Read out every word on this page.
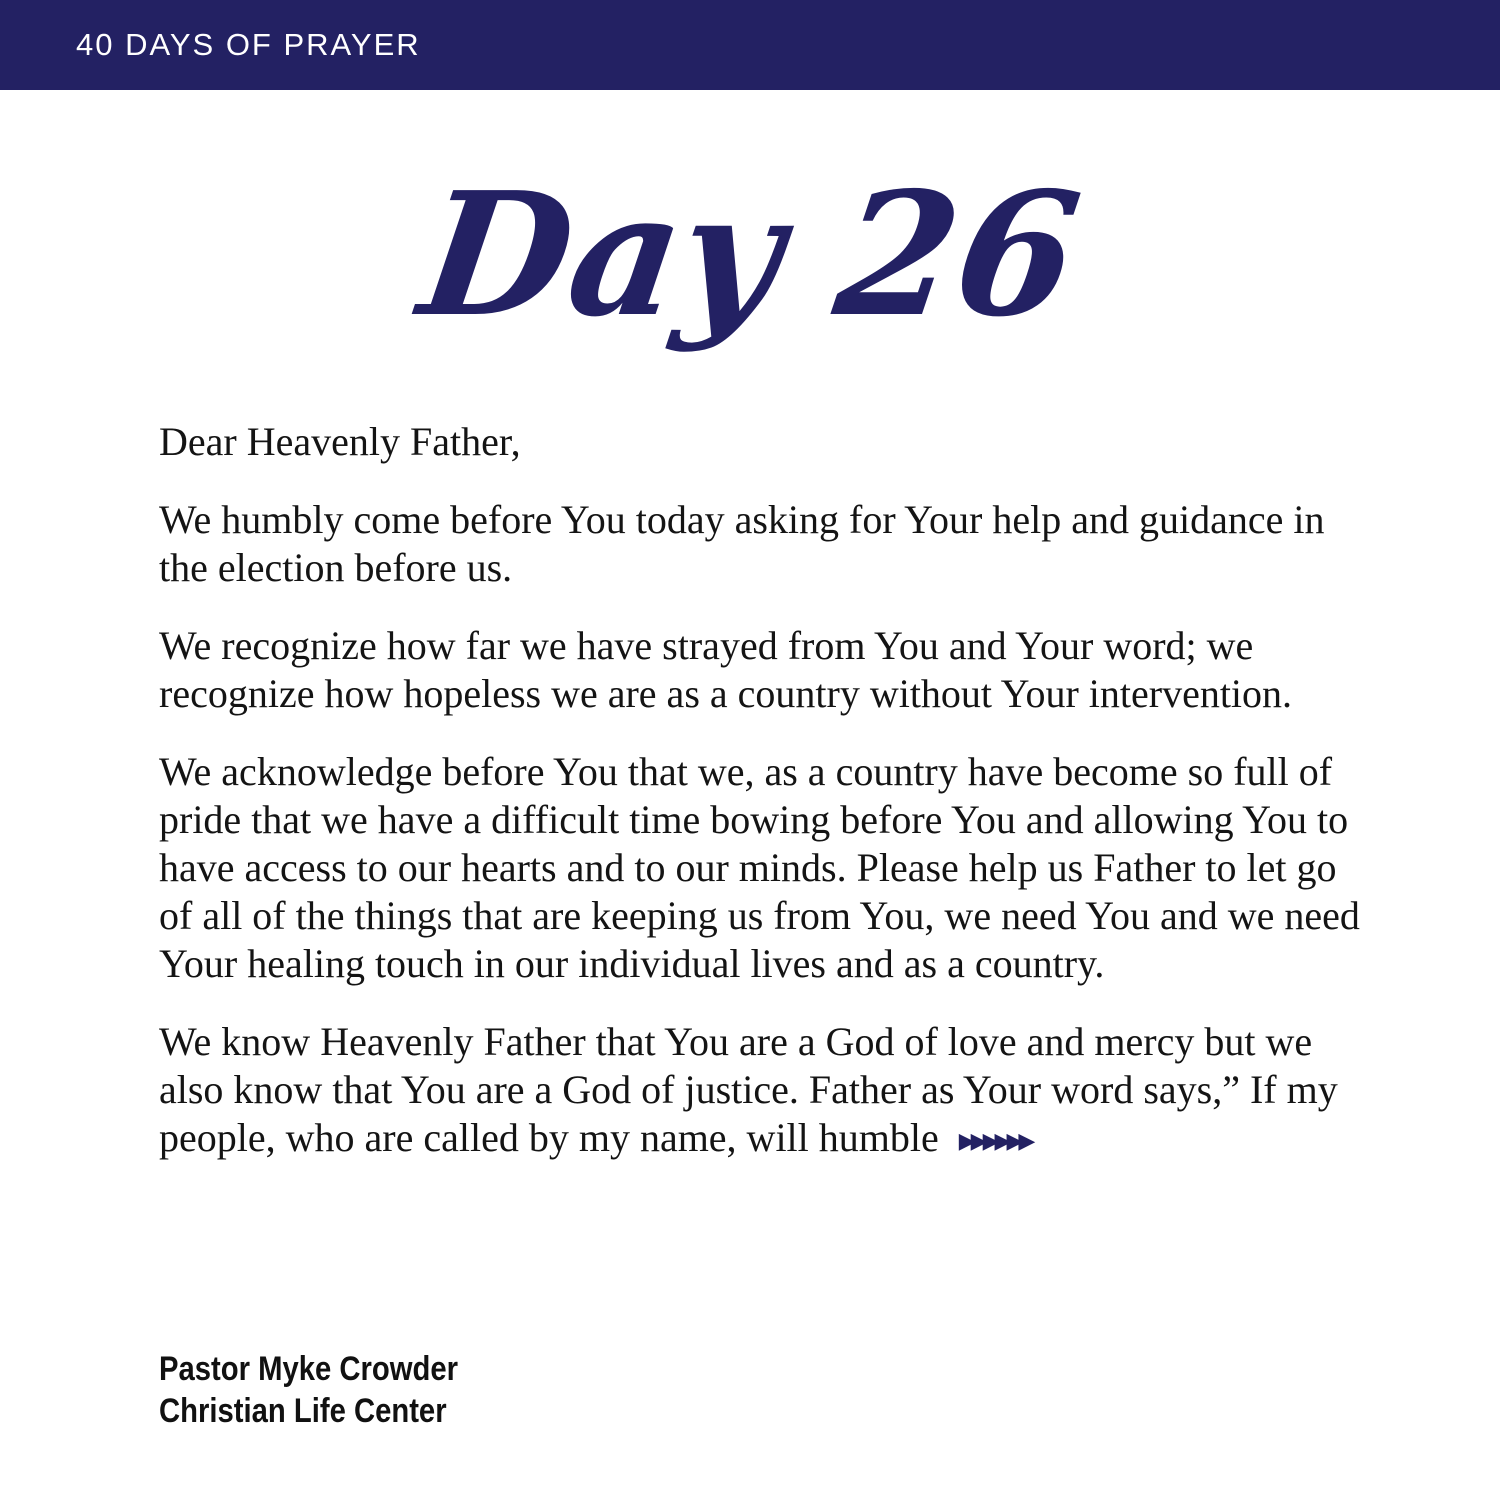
40 DAYS OF PRAYER
Day 26

Dear Heavenly Father,

We humbly come before You today asking for Your help and guidance in the election before us.

We recognize how far we have strayed from You and Your word; we recognize how hopeless we are as a country without Your intervention.

We acknowledge before You that we, as a country have become so full of pride that we have a difficult time bowing before You and allowing You to have access to our hearts and to our minds. Please help us Father to let go of all of the things that are keeping us from You, we need You and we need Your healing touch in our individual lives and as a country.

We know Heavenly Father that You are a God of love and mercy but we also know that You are a God of justice. Father as Your word says,” If my people, who are called by my name, will humble ▶▶▶▶▶▶

Pastor Myke Crowder
Christian Life Center
